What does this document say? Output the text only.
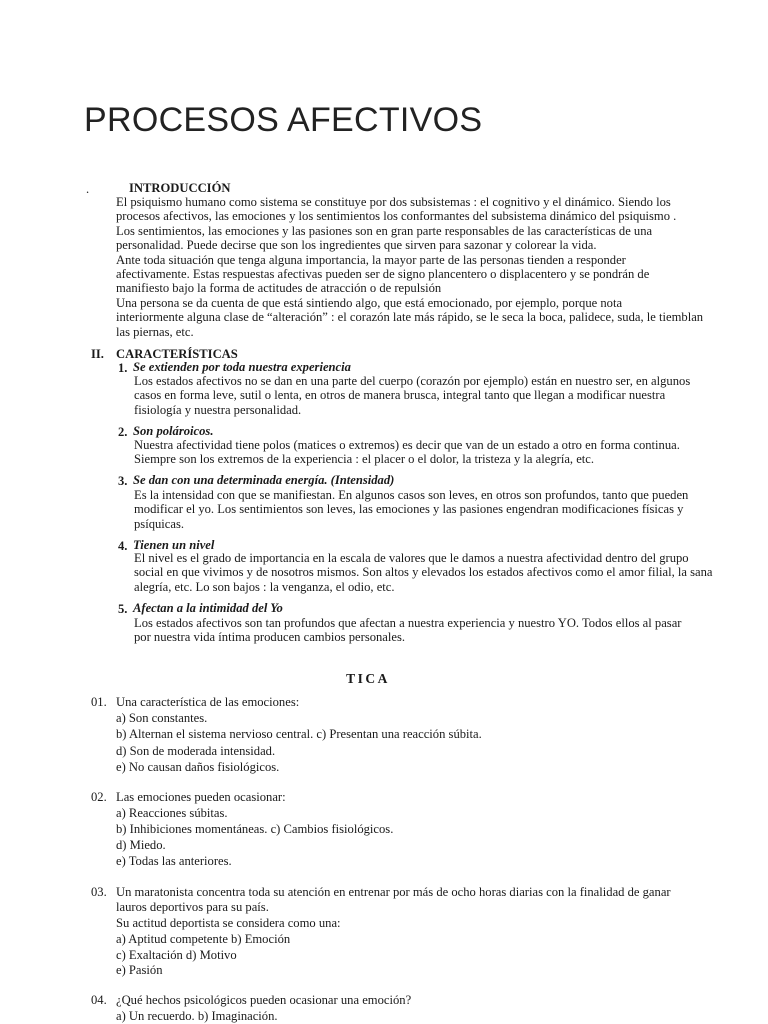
PROCESOS AFECTIVOS
.	INTRODUCCIÓN
El psiquismo humano como sistema se constituye por dos subsistemas : el cognitivo y el dinámico. Siendo los
procesos afectivos, las emociones y los sentimientos los conformantes del subsistema dinámico del psiquismo .
Los sentimientos, las emociones y las pasiones son en gran parte responsables de las características de una
personalidad. Puede decirse que son los ingredientes que sirven para sazonar y colorear la vida.
Ante toda situación que tenga alguna importancia, la mayor parte de las personas tienden a responder
afectivamente. Estas respuestas afectivas pueden ser de signo plancentero o displacentero y se pondrán de
manifiesto bajo la forma de actitudes de atracción o de repulsión
Una persona se da cuenta de que está sintiendo algo, que está emocionado, por ejemplo, porque nota
interiormente alguna clase de “alteración” : el corazón late más rápido, se le seca la boca, palidece, suda, le tiemblan
las piernas, etc.
II. CARACTERÍSTICAS
1. Se extienden por toda nuestra experiencia
Los estados afectivos no se dan en una parte del cuerpo (corazón por ejemplo) están en nuestro ser, en algunos
casos en forma leve, sutil o lenta, en otros de manera brusca, integral tanto que llegan a modificar nuestra
fisiología y nuestra personalidad.
2. Son polároicos.
Nuestra afectividad tiene polos (matices o extremos) es decir que van de un estado a otro en forma continua.
Siempre son los extremos de la experiencia : el placer o el dolor, la tristeza y la alegría, etc.
3. Se dan con una determinada energía. (Intensidad)
Es la intensidad con que se manifiestan. En algunos casos son leves, en otros son profundos, tanto que pueden
modificar el yo. Los sentimientos son leves, las emociones y las pasiones engendran modificaciones físicas y
psíquicas.
4. Tienen un nivel
El nivel es el grado de importancia en la escala de valores que le damos a nuestra afectividad dentro del grupo
social en que vivimos y de nosotros mismos. Son altos y elevados los estados afectivos como el amor filial, la sana
alegría, etc. Lo son bajos : la venganza, el odio, etc.
5. Afectan a la intimidad del Yo
Los estados afectivos son tan profundos que afectan a nuestra experiencia y nuestro YO. Todos ellos al pasar
por nuestra vida íntima producen cambios personales.
TICA
01. Una característica de las emociones:
a) Son constantes.
b) Alternan el sistema nervioso central. c) Presentan una reacción súbita.
d) Son de moderada intensidad.
e) No causan daños fisiológicos.
02. Las emociones pueden ocasionar:
a) Reacciones súbitas.
b) Inhibiciones momentáneas. c) Cambios fisiológicos.
d) Miedo.
e) Todas las anteriores.
03. Un maratonista concentra toda su atención en entrenar por más de ocho horas diarias con la finalidad de ganar
lauros deportivos para su país.
Su actitud deportista se considera como una:
a) Aptitud competente b) Emoción
c) Exaltación d) Motivo
e) Pasión
04. ¿Qué hechos psicológicos pueden ocasionar una emoción?
a) Un recuerdo. b) Imaginación.
